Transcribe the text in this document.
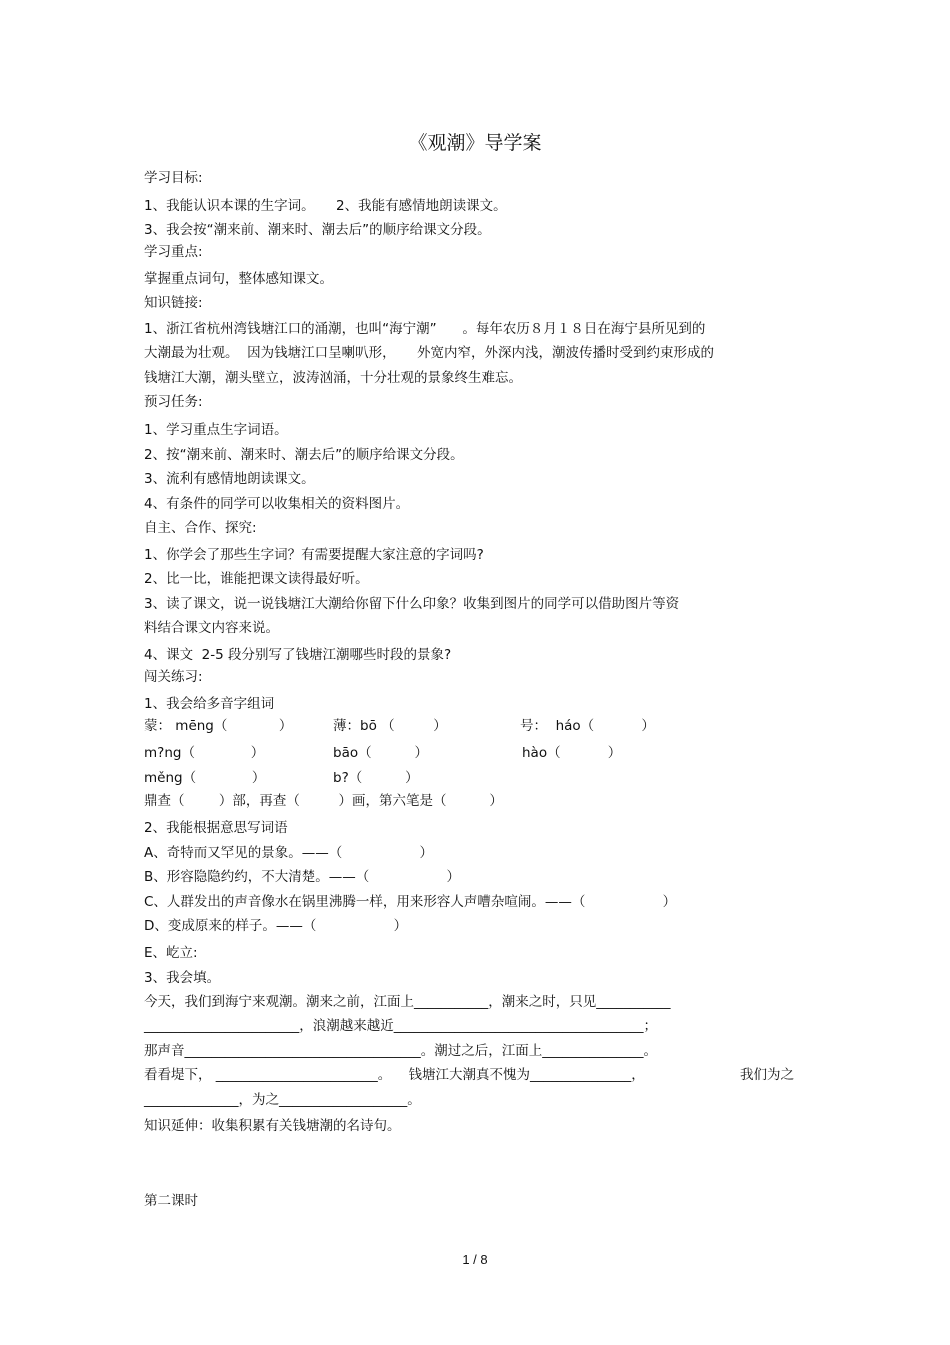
《观潮》导学案
学习目标:
1、我能认识本课的生字词。     2、我能有感情地朗读课文。
3、我会按“潮来前、潮来时、潮去后”的顺序给课文分段。
学习重点:
掌握重点词句，整体感知课文。
知识链接:
1、浙江省杭州湾钱塘江口的涌潮，也叫“海宁潮”      。每年农历８月１８日在海宁县所见到的
大潮最为壮观。  因为钱塘江口呈喇叭形，     外宽内窄，外深内浅，潮波传播时受到约束形成的
钱塘江大潮，潮头壁立，波涛汹涌，十分壮观的景象终生难忘。
预习任务:
1、学习重点生字词语。
2、按“潮来前、潮来时、潮去后”的顺序给课文分段。
3、流利有感情地朗读课文。
4、有条件的同学可以收集相关的资料图片。
自主、合作、探究:
1、你学会了那些生字词？有需要提醒大家注意的字词吗?
2、比一比，谁能把课文读得最好听。
3、读了课文，说一说钱塘江大潮给你留下什么印象？收集到图片的同学可以借助图片等资
料结合课文内容来说。
4、课文  2-5 段分别写了钱塘江潮哪些时段的景象?
闯关练习:
1、我会给多音字组词
蒙： mēng（            ）	薄：bō （         ）	号：  háo（           ）
m?ng（             ）	bāo（          ）	hào（           ）
měng（             ）	b?（          ）
鼎查（        ）部，再查（         ）画，第六笔是（          ）
2、我能根据意思写词语
A、奇特而又罕见的景象。——（                  ）
B、形容隐隐约约，不大清楚。——（                  ）
C、人群发出的声音像水在锅里沸腾一样，用来形容人声嘈杂喧闹。——（                  ）
D、变成原来的样子。——（                  ）
E、屹立:
3、我会填。
今天，我们到海宁来观潮。潮来之前，江面上___________，潮来之时，只见___________
_______________________，浪潮越来越近_____________________________________；
那声音___________________________________。潮过之后，江面上_______________。
看看堤下， ________________________。    钱塘江大潮真不愧为_______________，	我们为之
______________，为之___________________。
知识延伸：收集积累有关钱塘潮的名诗句。
第二课时
1 / 8
